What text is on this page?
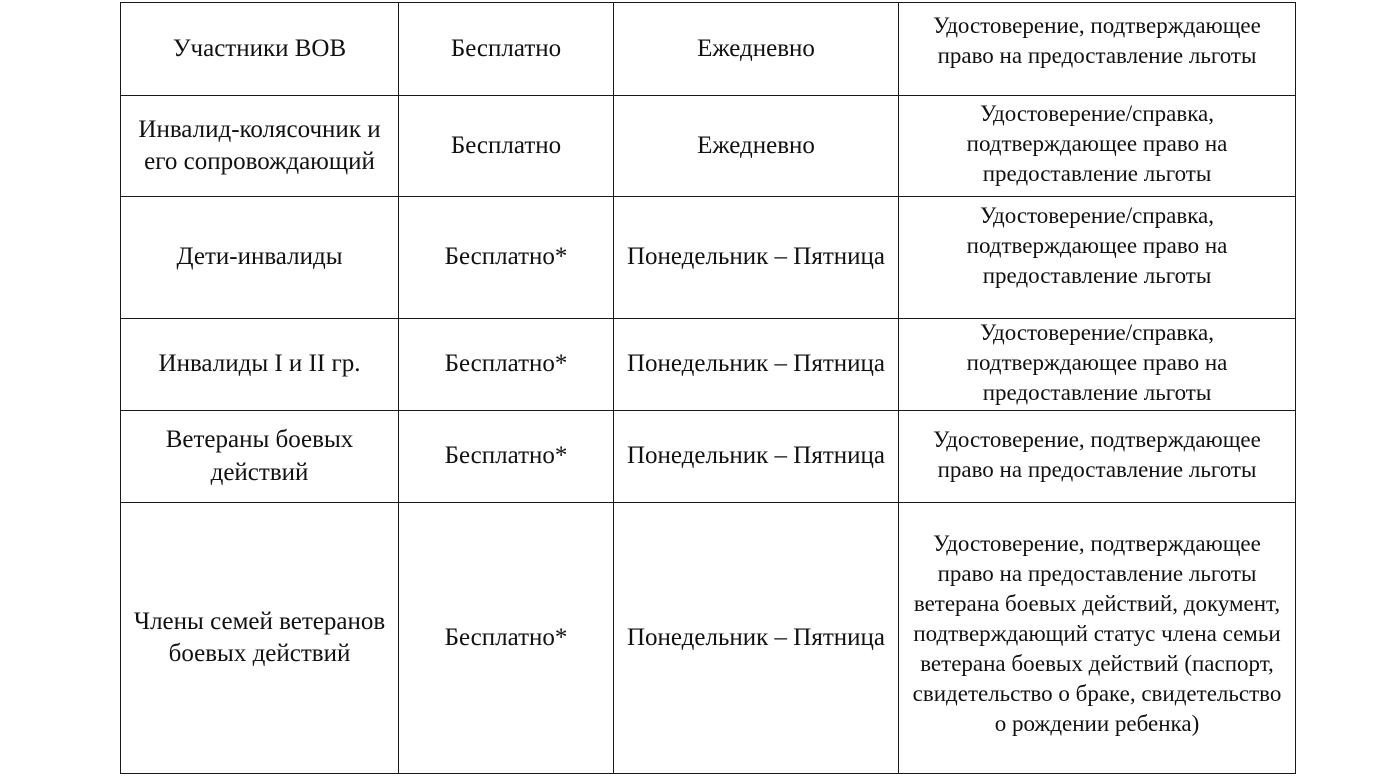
Участники ВОВ	Бесплатно	Ежедневно	Удостоверение, подтверждающее право на предоставление льготы

Инвалид-колясочник и его сопровождающий	Бесплатно	Ежедневно	Удостоверение/справка, подтверждающее право на предоставление льготы

Дети-инвалиды	Бесплатно*	Понедельник – Пятница	Удостоверение/справка, подтверждающее право на предоставление льготы

Инвалиды I и II гр.	Бесплатно*	Понедельник – Пятница	Удостоверение/справка, подтверждающее право на предоставление льготы

Ветераны боевых действий	Бесплатно*	Понедельник – Пятница	Удостоверение, подтверждающее право на предоставление льготы

Члены семей ветеранов боевых действий	Бесплатно*	Понедельник – Пятница	Удостоверение, подтверждающее право на предоставление льготы ветерана боевых действий, документ, подтверждающий статус члена семьи ветерана боевых действий (паспорт, свидетельство о браке, свидетельство о рождении ребенка)
